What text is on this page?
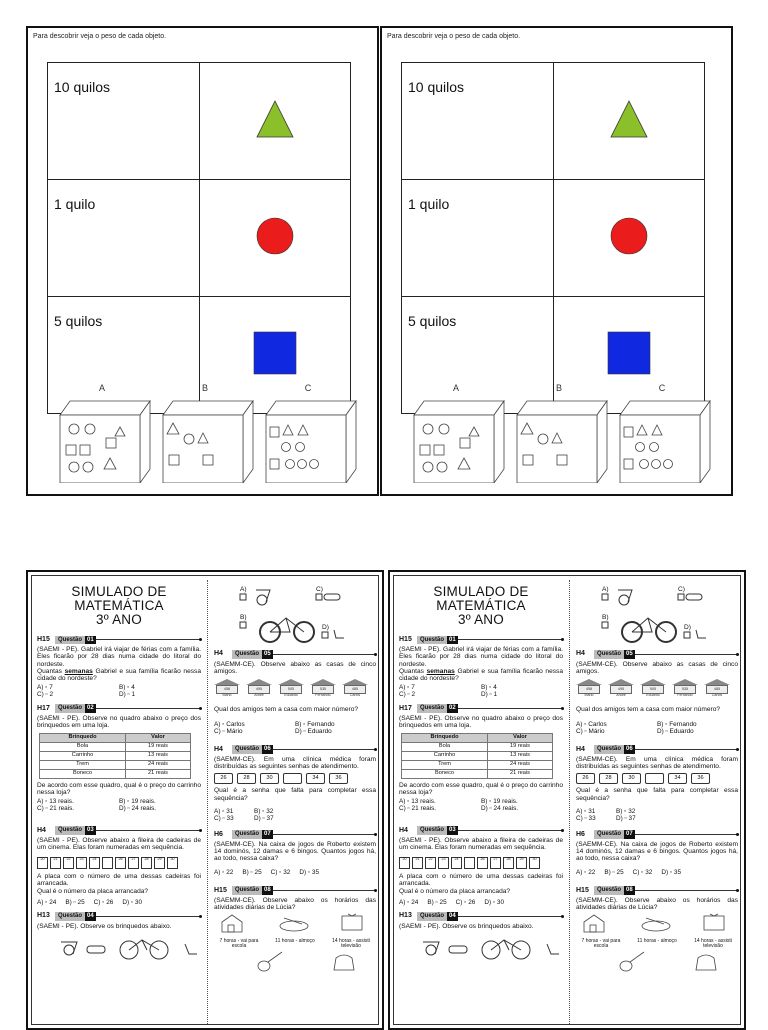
Para descobrir veja o peso de cada objeto.
10 quilos	
1 quilo	
5 quilos	
A	B	C
Para descobrir veja o peso de cada objeto.
10 quilos	
1 quilo	
5 quilos	
A	B	C
SIMULADO DE
MATEMÁTICA
3º ANO
H15	Questão 01
(SAEMI - PE). Gabriel irá viajar de férias com a família. Eles ficarão por 28 dias numa cidade do litoral do nordeste.
Quantas semanas Gabriel e sua família ficarão nessa cidade do nordeste?
A) ▫ 7	B) ▫ 4
C) ▫ 2	D) ▫ 1
H17	Questão 02
(SAEMI - PE). Observe no quadro abaixo o preço dos brinquedos em uma loja.
Brinquedo	Valor
Bola	19 reais
Carrinho	13 reais
Trem	24 reais
Boneco	21 reais
De acordo com esse quadro, qual é o preço do carrinho nessa loja?
A) ▫ 13 reais.	B) ▫ 19 reais.
C) ▫ 21 reais.	D) ▫ 24 reais.
H4	Questão 03
(SAEMI - PE). Observe abaixo a fileira de cadeiras de um cinema. Elas foram numeradas em sequência.
20	21	22	23	24	26	27	28	29	30
A placa com o número de uma dessas cadeiras foi arrancada.
Qual é o número da placa arrancada?
A) ▫ 24 B) ▫ 25 C) ▫ 26 D) ▫ 30
H13	Questão 04
(SAEMI - PE). Observe os brinquedos abaixo.
A)	C)
B)
D)
H4	Questão 05
(SAEMM-CE). Observe abaixo as casas de cinco amigos.
458
Mário
495
André
505
Eduardo
535
Fernando
485
Carlos
Qual dos amigos tem a casa com maior número?
A) ▫ Carlos	B) ▫ Fernando
C) ▫ Mário	D) ▫ Eduardo
H4	Questão 06
(SAEMM-CE). Em uma clínica médica foram distribuídas as seguintes senhas de atendimento.
26	28	30	34	36
Qual é a senha que falta para completar essa sequência?
A) ▫ 31	B) ▫ 32
C) ▫ 33	D) ▫ 37
H6	Questão 07
(SAEMM-CE). Na caixa de jogos de Roberto existem 14 dominós, 12 damas e 6 bingos. Quantos jogos há, ao todo, nessa caixa?
A) ▫ 22 B) ▫ 25 C) ▫ 32 D) ▫ 35
H15	Questão 08
(SAEMM-CE). Observe abaixo os horários das atividades diárias de Lúcia?
7 horas - vai para escola
11 horas - almoço	14 horas - assisti televisão
SIMULADO DE
MATEMÁTICA
3º ANO
H15	Questão 01
(SAEMI - PE). Gabriel irá viajar de férias com a família. Eles ficarão por 28 dias numa cidade do litoral do nordeste.
Quantas semanas Gabriel e sua família ficarão nessa cidade do nordeste?
A) ▫ 7	B) ▫ 4
C) ▫ 2	D) ▫ 1
H17	Questão 02
(SAEMI - PE). Observe no quadro abaixo o preço dos brinquedos em uma loja.
Brinquedo	Valor
Bola	19 reais
Carrinho	13 reais
Trem	24 reais
Boneco	21 reais
De acordo com esse quadro, qual é o preço do carrinho nessa loja?
A) ▫ 13 reais.	B) ▫ 19 reais.
C) ▫ 21 reais.	D) ▫ 24 reais.
H4	Questão 03
(SAEMI - PE). Observe abaixo a fileira de cadeiras de um cinema. Elas foram numeradas em sequência.
20	21	22	23	24	26	27	28	29	30
A placa com o número de uma dessas cadeiras foi arrancada.
Qual é o número da placa arrancada?
A) ▫ 24 B) ▫ 25 C) ▫ 26 D) ▫ 30
H13	Questão 04
(SAEMI - PE). Observe os brinquedos abaixo.
A)	C)
B)
D)
H4	Questão 05
(SAEMM-CE). Observe abaixo as casas de cinco amigos.
458
Mário
495
André
505
Eduardo
535
Fernando
485
Carlos
Qual dos amigos tem a casa com maior número?
A) ▫ Carlos	B) ▫ Fernando
C) ▫ Mário	D) ▫ Eduardo
H4	Questão 06
(SAEMM-CE). Em uma clínica médica foram distribuídas as seguintes senhas de atendimento.
26	28	30	34	36
Qual é a senha que falta para completar essa sequência?
A) ▫ 31	B) ▫ 32
C) ▫ 33	D) ▫ 37
H6	Questão 07
(SAEMM-CE). Na caixa de jogos de Roberto existem 14 dominós, 12 damas e 6 bingos. Quantos jogos há, ao todo, nessa caixa?
A) ▫ 22 B) ▫ 25 C) ▫ 32 D) ▫ 35
H15	Questão 08
(SAEMM-CE). Observe abaixo os horários das atividades diárias de Lúcia?
7 horas - vai para escola
11 horas - almoço	14 horas - assisti televisão
